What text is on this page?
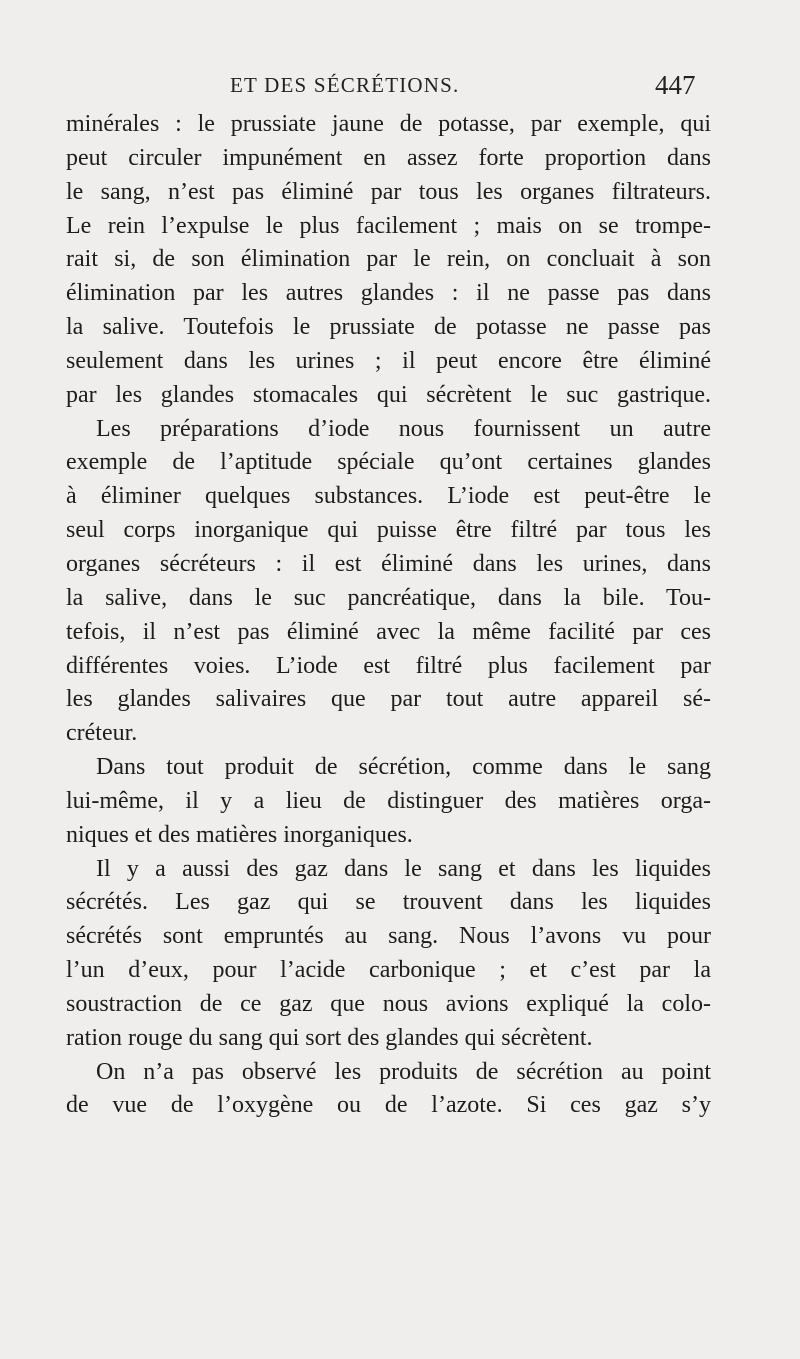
ET DES SÉCRÉTIONS.	447
minérales : le prussiate jaune de potasse, par exemple, qui
peut circuler impunément en assez forte proportion dans
le sang, n’est pas éliminé par tous les organes filtrateurs.
Le rein l’expulse le plus facilement ; mais on se trompe-
rait si, de son élimination par le rein, on concluait à son
élimination par les autres glandes : il ne passe pas dans
la salive. Toutefois le prussiate de potasse ne passe pas
seulement dans les urines ; il peut encore être éliminé
par les glandes stomacales qui sécrètent le suc gastrique.
Les préparations d’iode nous fournissent un autre
exemple de l’aptitude spéciale qu’ont certaines glandes
à éliminer quelques substances. L’iode est peut-être le
seul corps inorganique qui puisse être filtré par tous les
organes sécréteurs : il est éliminé dans les urines, dans
la salive, dans le suc pancréatique, dans la bile. Tou-
tefois, il n’est pas éliminé avec la même facilité par ces
différentes voies. L’iode est filtré plus facilement par
les glandes salivaires que par tout autre appareil sé-
créteur.
Dans tout produit de sécrétion, comme dans le sang
lui-même, il y a lieu de distinguer des matières orga-
niques et des matières inorganiques.
Il y a aussi des gaz dans le sang et dans les liquides
sécrétés. Les gaz qui se trouvent dans les liquides
sécrétés sont empruntés au sang. Nous l’avons vu pour
l’un d’eux, pour l’acide carbonique ; et c’est par la
soustraction de ce gaz que nous avions expliqué la colo-
ration rouge du sang qui sort des glandes qui sécrètent.
On n’a pas observé les produits de sécrétion au point
de vue de l’oxygène ou de l’azote. Si ces gaz s’y
